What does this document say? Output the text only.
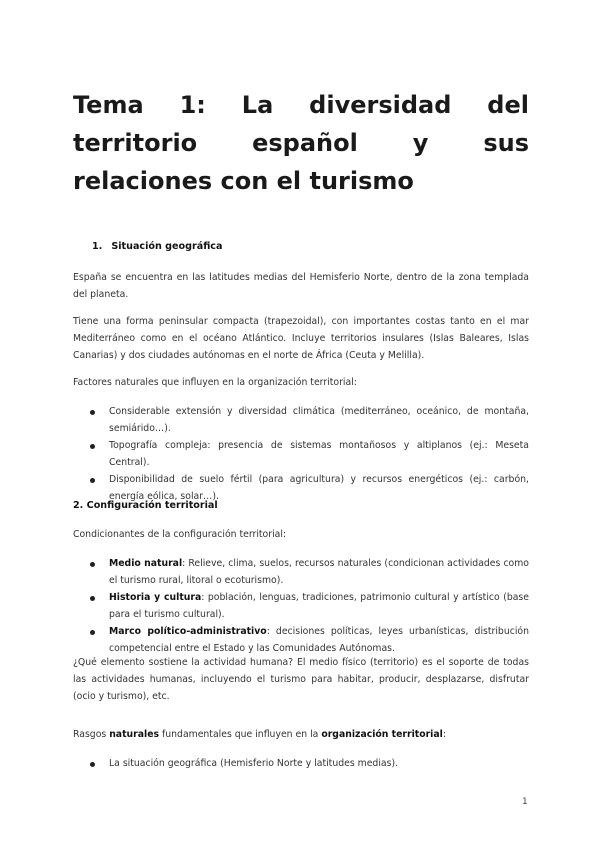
Tema 1: La diversidad del territorio español y sus relaciones con el turismo
1. Situación geográfica

España se encuentra en las latitudes medias del Hemisferio Norte, dentro de la zona templada del planeta.

Tiene una forma peninsular compacta (trapezoidal), con importantes costas tanto en el mar Mediterráneo como en el océano Atlántico. Incluye territorios insulares (Islas Baleares, Islas Canarias) y dos ciudades autónomas en el norte de África (Ceuta y Melilla).

Factores naturales que influyen en la organización territorial:

Considerable extensión y diversidad climática (mediterráneo, oceánico, de montaña, semiárido…).
Topografía compleja: presencia de sistemas montañosos y altiplanos (ej.: Meseta Central).
Disponibilidad de suelo fértil (para agricultura) y recursos energéticos (ej.: carbón, energía eólica, solar…).
2. Configuración territorial

Condicionantes de la configuración territorial:

Medio natural: Relieve, clima, suelos, recursos naturales (condicionan actividades como el turismo rural, litoral o ecoturismo).
Historia y cultura: población, lenguas, tradiciones, patrimonio cultural y artístico (base para el turismo cultural).
Marco político-administrativo: decisiones políticas, leyes urbanísticas, distribución competencial entre el Estado y las Comunidades Autónomas.

¿Qué elemento sostiene la actividad humana? El medio físico (territorio) es el soporte de todas las actividades humanas, incluyendo el turismo para habitar, producir, desplazarse, disfrutar (ocio y turismo), etc.

Rasgos naturales fundamentales que influyen en la organización territorial:

La situación geográfica (Hemisferio Norte y latitudes medias).
1
